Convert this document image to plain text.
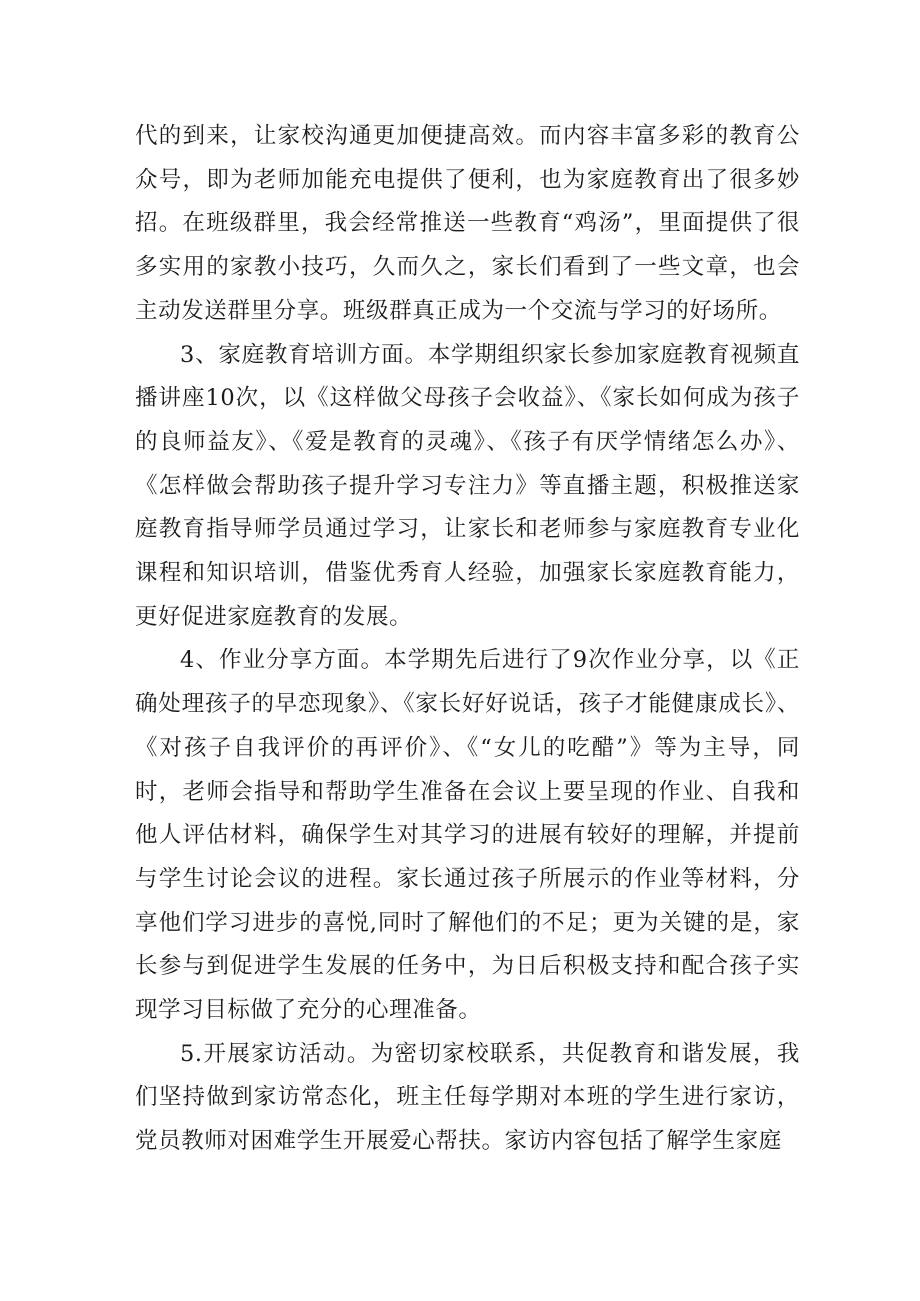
代的到来，让家校沟通更加便捷高效。而内容丰富多彩的教育公众号，即为老师加能充电提供了便利，也为家庭教育出了很多妙招。在班级群里，我会经常推送一些教育“鸡汤”，里面提供了很多实用的家教小技巧，久而久之，家长们看到了一些文章，也会主动发送群里分享。班级群真正成为一个交流与学习的好场所。

3、家庭教育培训方面。本学期组织家长参加家庭教育视频直播讲座10次，以《这样做父母孩子会收益》、《家长如何成为孩子的良师益友》、《爱是教育的灵魂》、《孩子有厌学情绪怎么办》、《怎样做会帮助孩子提升学习专注力》等直播主题，积极推送家庭教育指导师学员通过学习，让家长和老师参与家庭教育专业化课程和知识培训，借鉴优秀育人经验，加强家长家庭教育能力，更好促进家庭教育的发展。

4、作业分享方面。本学期先后进行了9次作业分享，以《正确处理孩子的早恋现象》、《家长好好说话，孩子才能健康成长》、《对孩子自我评价的再评价》、《“女儿的吃醋”》等为主导，同时，老师会指导和帮助学生准备在会议上要呈现的作业、自我和他人评估材料，确保学生对其学习的进展有较好的理解，并提前与学生讨论会议的进程。家长通过孩子所展示的作业等材料，分享他们学习进步的喜悦,同时了解他们的不足；更为关键的是，家长参与到促进学生发展的任务中，为日后积极支持和配合孩子实现学习目标做了充分的心理准备。

5.开展家访活动。为密切家校联系，共促教育和谐发展，我们坚持做到家访常态化，班主任每学期对本班的学生进行家访，党员教师对困难学生开展爱心帮扶。家访内容包括了解学生家庭
